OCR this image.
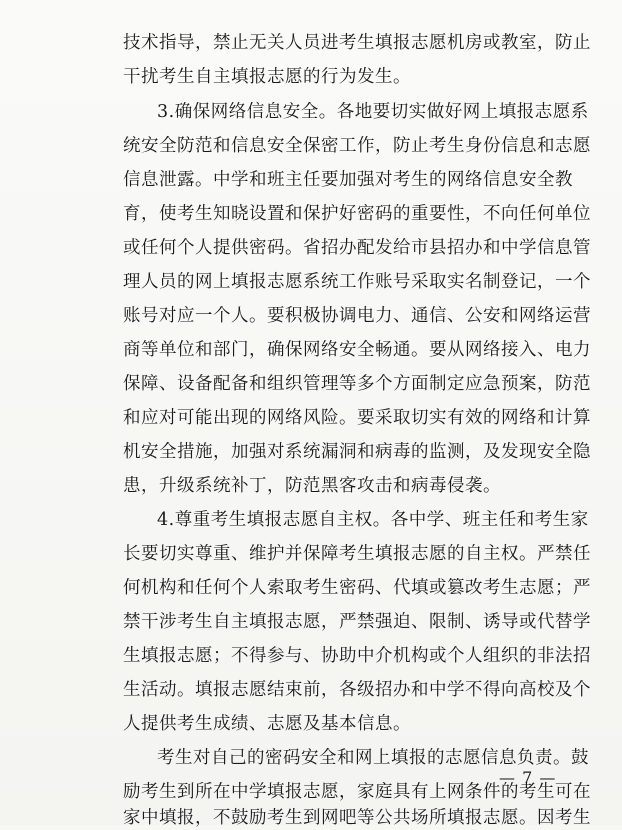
技术指导，禁止无关人员进考生填报志愿机房或教室，防止
干扰考生自主填报志愿的行为发生。
3.确保网络信息安全。各地要切实做好网上填报志愿系
统安全防范和信息安全保密工作，防止考生身份信息和志愿
信息泄露。中学和班主任要加强对考生的网络信息安全教
育，使考生知晓设置和保护好密码的重要性，不向任何单位
或任何个人提供密码。省招办配发给市县招办和中学信息管
理人员的网上填报志愿系统工作账号采取实名制登记，一个
账号对应一个人。要积极协调电力、通信、公安和网络运营
商等单位和部门，确保网络安全畅通。要从网络接入、电力
保障、设备配备和组织管理等多个方面制定应急预案，防范
和应对可能出现的网络风险。要采取切实有效的网络和计算
机安全措施，加强对系统漏洞和病毒的监测，及发现安全隐
患，升级系统补丁，防范黑客攻击和病毒侵袭。
4.尊重考生填报志愿自主权。各中学、班主任和考生家
长要切实尊重、维护并保障考生填报志愿的自主权。严禁任
何机构和任何个人索取考生密码、代填或篡改考生志愿；严
禁干涉考生自主填报志愿，严禁强迫、限制、诱导或代替学
生填报志愿；不得参与、协助中介机构或个人组织的非法招
生活动。填报志愿结束前，各级招办和中学不得向高校及个
人提供考生成绩、志愿及基本信息。
考生对自己的密码安全和网上填报的志愿信息负责。鼓
励考生到所在中学填报志愿，家庭具有上网条件的考生可在
家中填报，不鼓励考生到网吧等公共场所填报志愿。因考生
— 7 —
